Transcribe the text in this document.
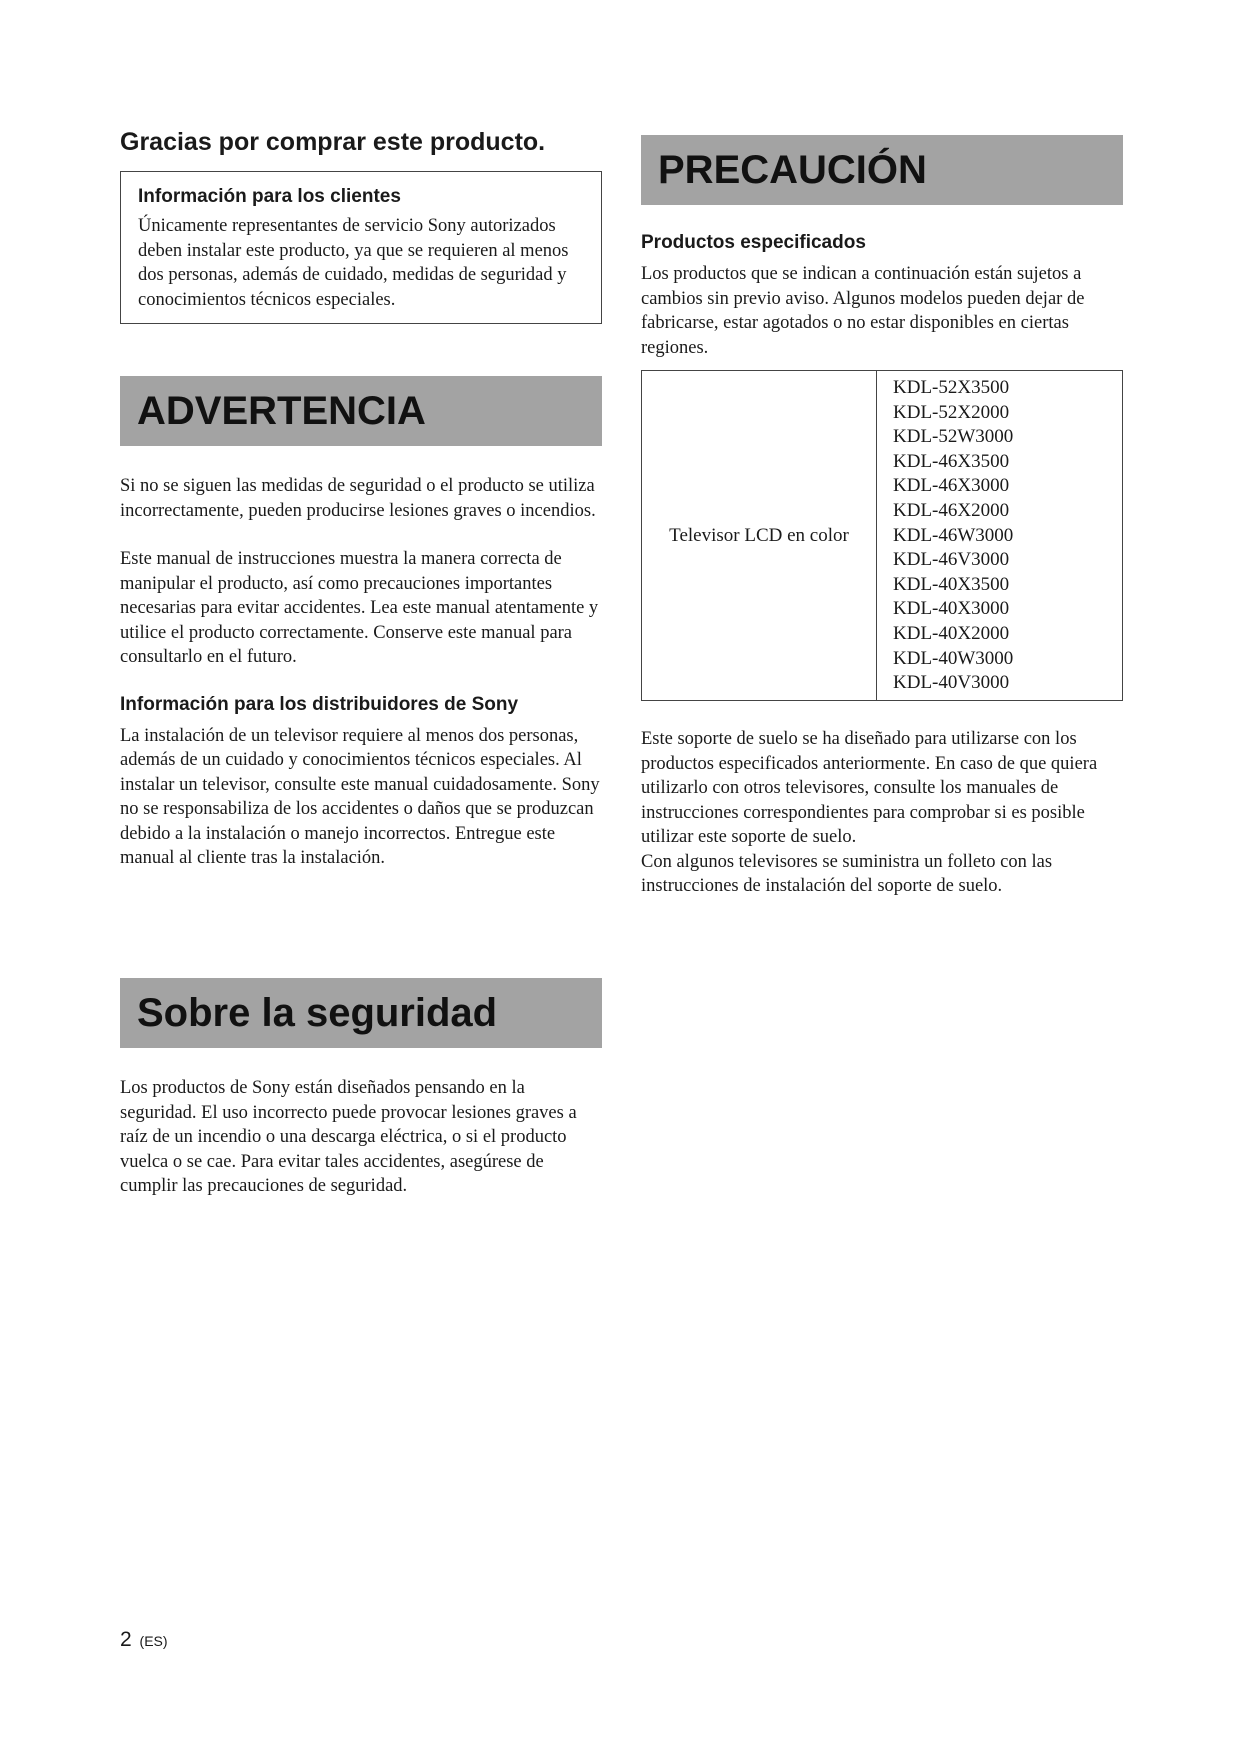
Gracias por comprar este producto.

Información para los clientes

Únicamente representantes de servicio Sony autorizados deben instalar este producto, ya que se requieren al menos dos personas, además de cuidado, medidas de seguridad y conocimientos técnicos especiales.

ADVERTENCIA

Si no se siguen las medidas de seguridad o el producto se utiliza incorrectamente, pueden producirse lesiones graves o incendios.

Este manual de instrucciones muestra la manera correcta de manipular el producto, así como precauciones importantes necesarias para evitar accidentes. Lea este manual atentamente y utilice el producto correctamente. Conserve este manual para consultarlo en el futuro.

Información para los distribuidores de Sony

La instalación de un televisor requiere al menos dos personas, además de un cuidado y conocimientos técnicos especiales. Al instalar un televisor, consulte este manual cuidadosamente. Sony no se responsabiliza de los accidentes o daños que se produzcan debido a la instalación o manejo incorrectos. Entregue este manual al cliente tras la instalación.

Sobre la seguridad

Los productos de Sony están diseñados pensando en la seguridad. El uso incorrecto puede provocar lesiones graves a raíz de un incendio o una descarga eléctrica, o si el producto vuelca o se cae. Para evitar tales accidentes, asegúrese de cumplir las precauciones de seguridad.

PRECAUCIÓN

Productos especificados

Los productos que se indican a continuación están sujetos a cambios sin previo aviso. Algunos modelos pueden dejar de fabricarse, estar agotados o no estar disponibles en ciertas regiones.

Televisor LCD en color
KDL-52X3500
KDL-52X2000
KDL-52W3000
KDL-46X3500
KDL-46X3000
KDL-46X2000
KDL-46W3000
KDL-46V3000
KDL-40X3500
KDL-40X3000
KDL-40X2000
KDL-40W3000
KDL-40V3000

Este soporte de suelo se ha diseñado para utilizarse con los productos especificados anteriormente. En caso de que quiera utilizarlo con otros televisores, consulte los manuales de instrucciones correspondientes para comprobar si es posible utilizar este soporte de suelo.

Con algunos televisores se suministra un folleto con las instrucciones de instalación del soporte de suelo.

2 (ES)
